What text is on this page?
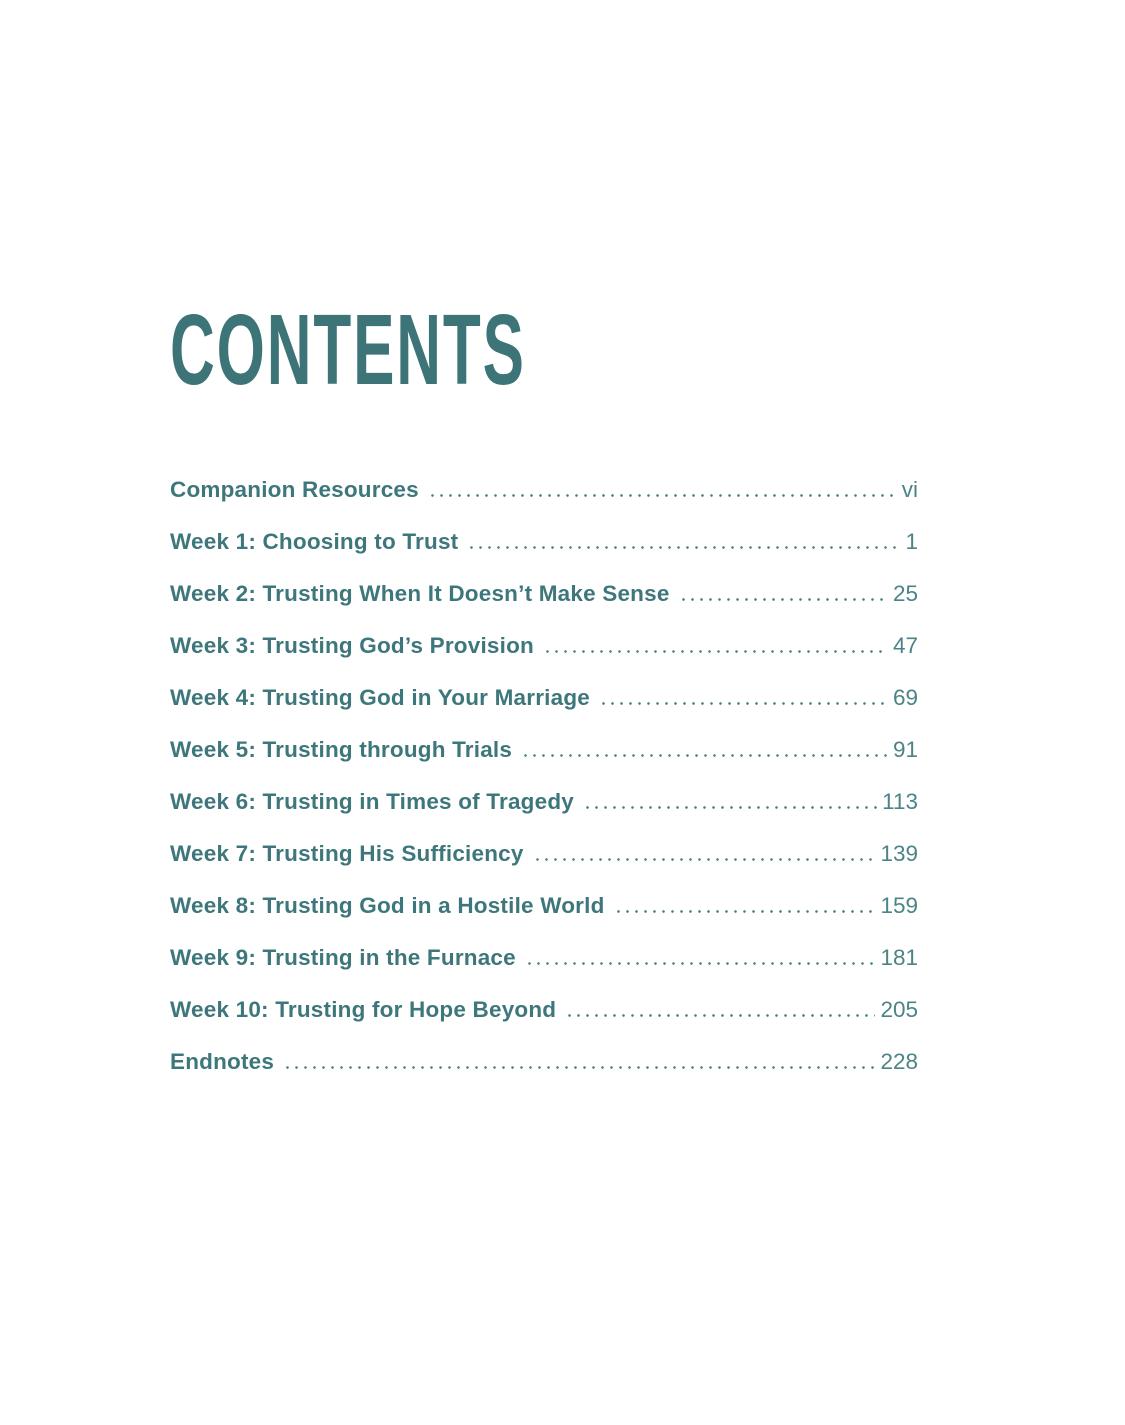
CONTENTS
Companion Resources	vi
Week 1: Choosing to Trust	1
Week 2: Trusting When It Doesn’t Make Sense	25
Week 3: Trusting God’s Provision	47
Week 4: Trusting God in Your Marriage	69
Week 5: Trusting through Trials	91
Week 6: Trusting in Times of Tragedy	113
Week 7: Trusting His Sufficiency	139
Week 8: Trusting God in a Hostile World	159
Week 9: Trusting in the Furnace	181
Week 10: Trusting for Hope Beyond	205
Endnotes	228
